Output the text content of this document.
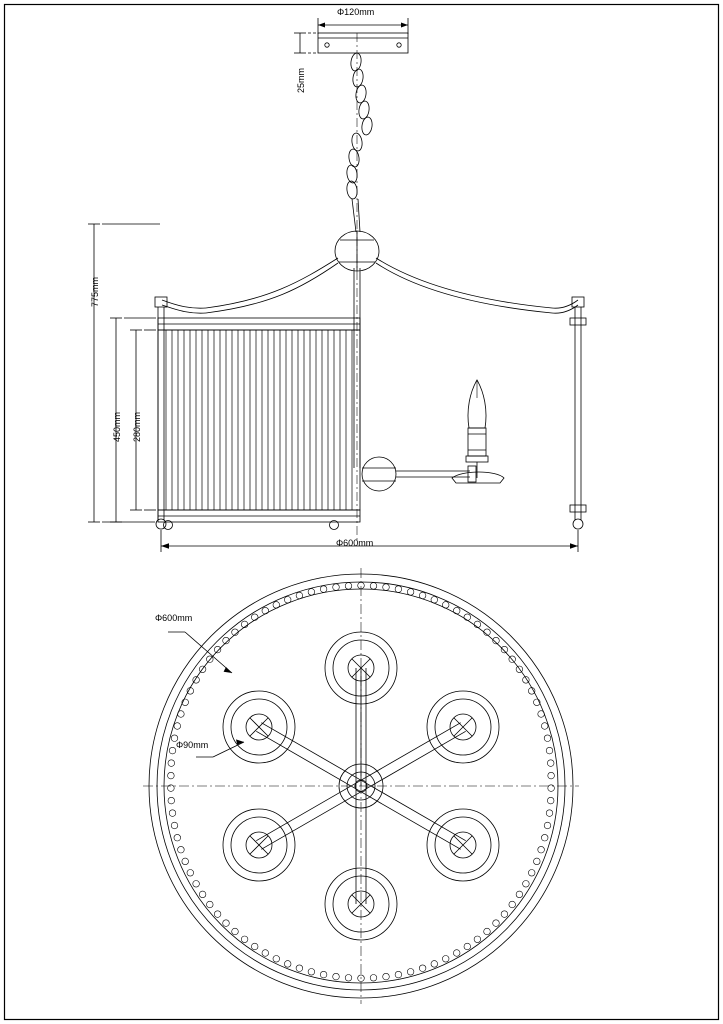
Φ120mm
25mm
775mm
450mm 280mm
Φ600mm
Φ600mm
Φ90mm
